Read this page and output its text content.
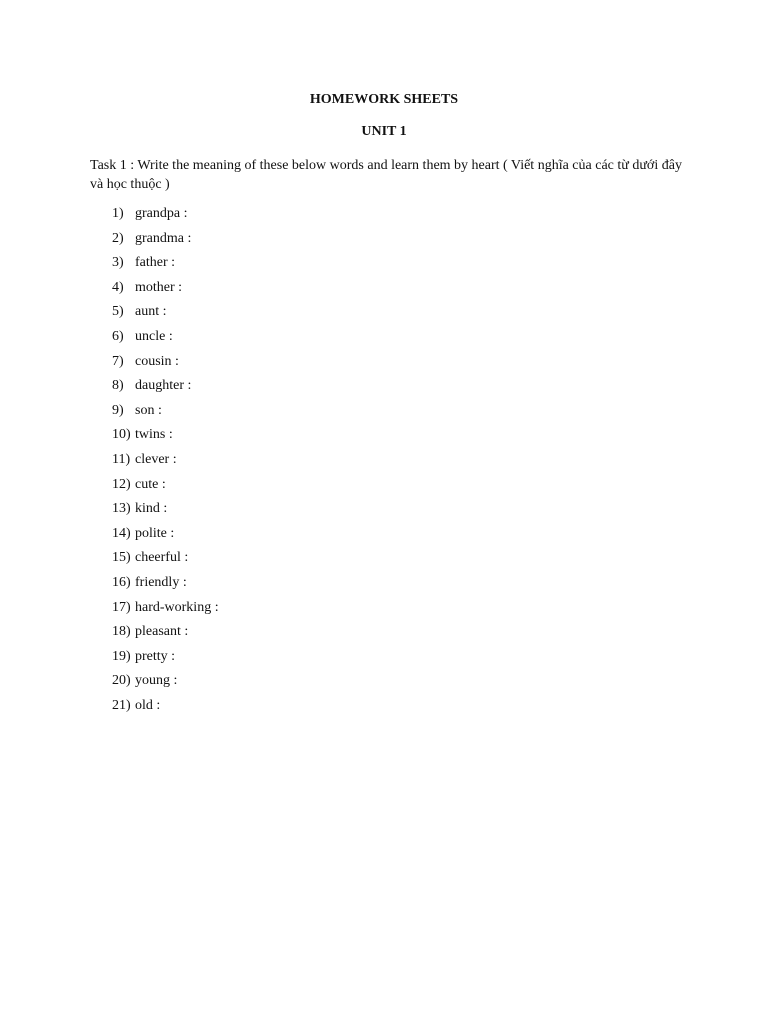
HOMEWORK SHEETS

UNIT 1

Task 1 : Write the meaning of these below words and learn them by heart ( Viết nghĩa của các từ dưới đây và học thuộc )

1) grandpa :
2) grandma :
3) father :
4) mother :
5) aunt :
6) uncle :
7) cousin :
8) daughter :
9) son :
10) twins :
11) clever :
12) cute :
13) kind :
14) polite :
15) cheerful :
16) friendly :
17) hard-working :
18) pleasant :
19) pretty :
20) young :
21) old :
